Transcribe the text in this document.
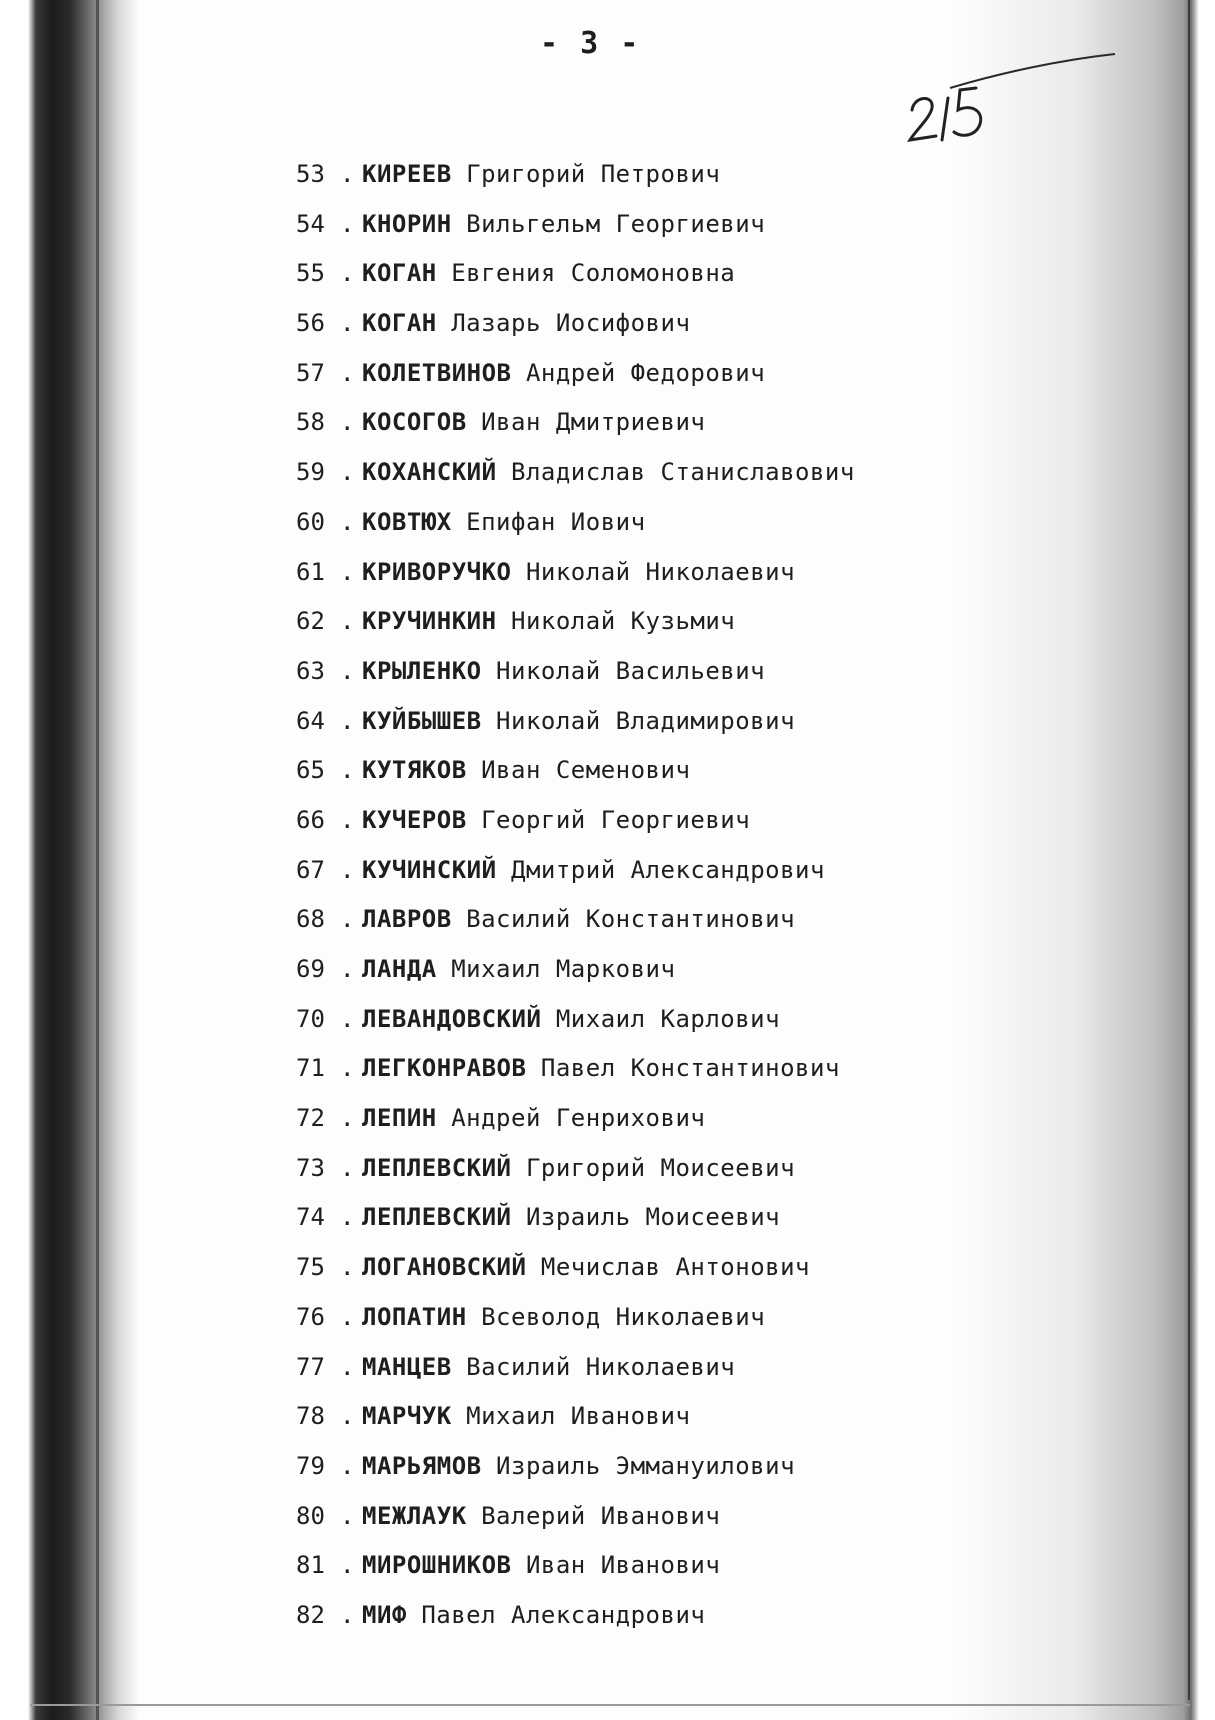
- 3 -
53 . КИРЕЕВ Григорий Петрович
54 . КНОРИН Вильгельм Георгиевич
55 . КОГАН Евгения Соломоновна
56 . КОГАН Лазарь Иосифович
57 . КОЛЕТВИНОВ Андрей Федорович
58 . КОСОГОВ Иван Дмитриевич
59 . КОХАНСКИЙ Владислав Станиславович
60 . КОВТЮХ Епифан Иович
61 . КРИВОРУЧКО Николай Николаевич
62 . КРУЧИНКИН Николай Кузьмич
63 . КРЫЛЕНКО Николай Васильевич
64 . КУЙБЫШЕВ Николай Владимирович
65 . КУТЯКОВ Иван Семенович
66 . КУЧЕРОВ Георгий Георгиевич
67 . КУЧИНСКИЙ Дмитрий Александрович
68 . ЛАВРОВ Василий Константинович
69 . ЛАНДА Михаил Маркович
70 . ЛЕВАНДОВСКИЙ Михаил Карлович
71 . ЛЕГКОНРАВОВ Павел Константинович
72 . ЛЕПИН Андрей Генрихович
73 . ЛЕПЛЕВСКИЙ Григорий Моисеевич
74 . ЛЕПЛЕВСКИЙ Израиль Моисеевич
75 . ЛОГАНОВСКИЙ Мечислав Антонович
76 . ЛОПАТИН Всеволод Николаевич
77 . МАНЦЕВ Василий Николаевич
78 . МАРЧУК Михаил Иванович
79 . МАРЬЯМОВ Израиль Эммануилович
80 . МЕЖЛАУК Валерий Иванович
81 . МИРОШНИКОВ Иван Иванович
82 . МИФ Павел Александрович
